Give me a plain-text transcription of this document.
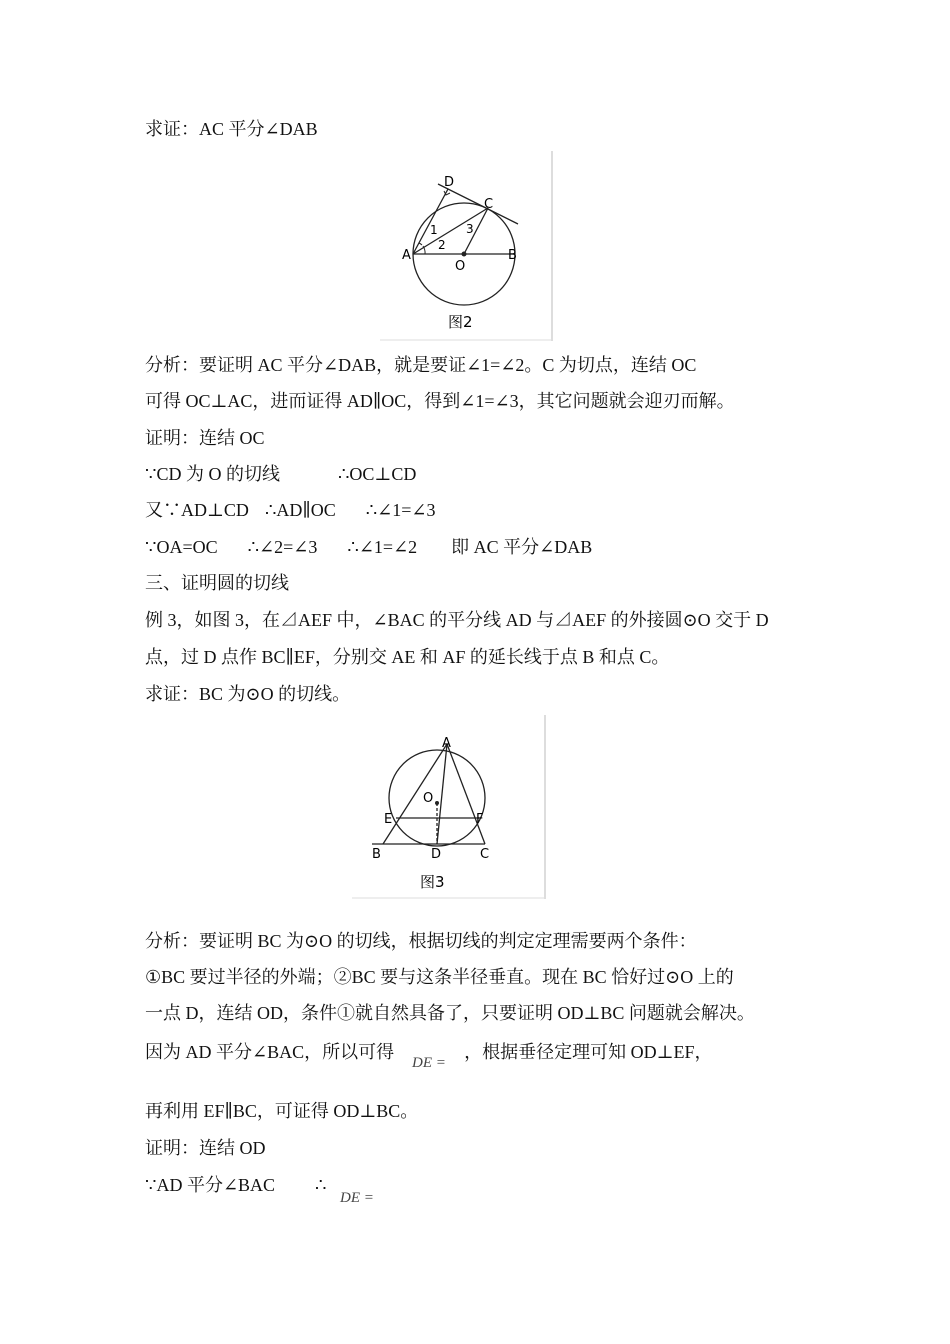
求证：AC 平分∠DAB
D
C
A	B
O
1
2
3
图2
分析：要证明 AC 平分∠DAB，就是要证∠1=∠2。C 为切点，连结 OC
可得 OC⊥AC，进而证得 AD∥OC，得到∠1=∠3，其它问题就会迎刃而解。
证明：连结 OC
∵CD 为 O 的切线	∴OC⊥CD
又∵AD⊥CD ∴AD∥OC ∴∠1=∠3
∵OA=OC ∴∠2=∠3 ∴∠1=∠2 即 AC 平分∠DAB
三、证明圆的切线
例 3，如图 3，在⊿AEF 中，∠BAC 的平分线 AD 与⊿AEF 的外接圆⊙O 交于 D
点，过 D 点作 BC∥EF，分别交 AE 和 AF 的延长线于点 B 和点 C。
求证：BC 为⊙O 的切线。
A
O
E	F
B	D	C
图3
分析：要证明 BC 为⊙O 的切线，根据切线的判定定理需要两个条件：
①BC 要过半径的外端；②BC 要与这条半径垂直。现在 BC 恰好过⊙O 上的
一点 D，连结 OD，条件①就自然具备了，只要证明 OD⊥BC 问题就会解决。
因为 AD 平分∠BAC，所以可得	，根据垂径定理可知 OD⊥EF，
DE =
再利用 EF∥BC，可证得 OD⊥BC。
证明：连结 OD
∵AD 平分∠BAC ∴
DE =
